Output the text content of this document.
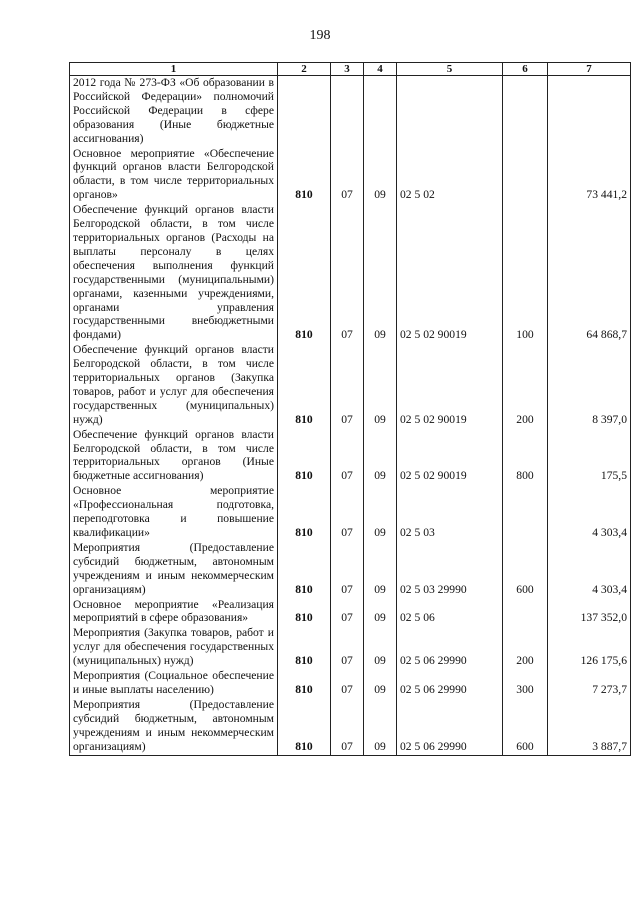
198
1	2	3	4	5	6	7
2012 года № 273-ФЗ «Об образовании в Российской Федерации» полномочий Российской Федерации в сфере образования (Иные бюджетные ассигнования)						
Основное мероприятие «Обеспечение функций органов власти Белгородской области, в том числе территориальных органов»	810	07	09	02 5 02		73 441,2
Обеспечение функций органов власти Белгородской области, в том числе территориальных органов (Расходы на выплаты персоналу в целях обеспечения выполнения функций государственными (муниципальными) органами, казенными учреждениями, органами управления государственными внебюджетными фондами)	810	07	09	02 5 02 90019	100	64 868,7
Обеспечение функций органов власти Белгородской области, в том числе территориальных органов (Закупка товаров, работ и услуг для обеспечения государственных (муниципальных) нужд)	810	07	09	02 5 02 90019	200	8 397,0
Обеспечение функций органов власти Белгородской области, в том числе территориальных органов (Иные бюджетные ассигнования)	810	07	09	02 5 02 90019	800	175,5
Основное мероприятие «Профессиональная подготовка, переподготовка и повышение квалификации»	810	07	09	02 5 03		4 303,4
Мероприятия (Предоставление субсидий бюджетным, автономным учреждениям и иным некоммерческим организациям)	810	07	09	02 5 03 29990	600	4 303,4
Основное мероприятие «Реализация мероприятий в сфере образования»	810	07	09	02 5 06		137 352,0
Мероприятия (Закупка товаров, работ и услуг для обеспечения государственных (муниципальных) нужд)	810	07	09	02 5 06 29990	200	126 175,6
Мероприятия (Социальное обеспечение и иные выплаты населению)	810	07	09	02 5 06 29990	300	7 273,7
Мероприятия (Предоставление субсидий бюджетным, автономным учреждениям и иным некоммерческим организациям)	810	07	09	02 5 06 29990	600	3 887,7
